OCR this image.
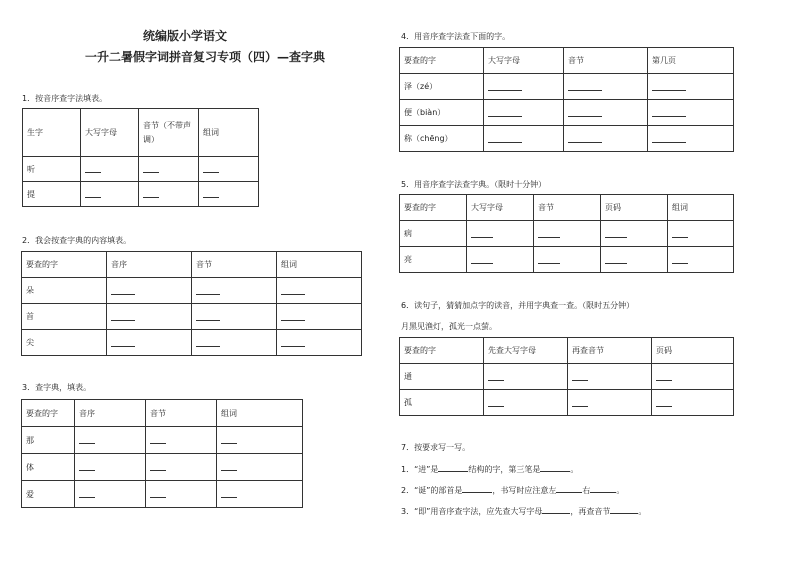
统编版小学语文
一升二暑假字词拼音复习专项（四）—查字典
1．按音序查字法填表。
生字	大写字母	音节（不带声调）	组词
听			
提			
2．我会按查字典的内容填表。
要查的字	音序	音节	组词
朵			
首			
尖			
3．查字典，填表。
要查的字	音序	音节	组词
那			
体			
爱			
4．用音序查字法查下面的字。
要查的字	大写字母	音节	第几页
泽（zé）			
便（biàn）			
称（chēng）			
5．用音序查字法查字典。（限时十分钟）
要查的字	大写字母	音节	页码	组词
病				
亮				
6．读句子，猜猜加点字的读音，并用字典查一查。（限时五分钟）
月黑见渔灯，孤光一点萤。
要查的字	先查大写字母	再查音节	页码
通			
孤			
7．按要求写一写。
1．“进”是	结构的字，第三笔是	。
2．“诞”的部首是	，书写时应注意左	右	。
3．“即”用音序查字法，应先查大写字母	，再查音节	。
